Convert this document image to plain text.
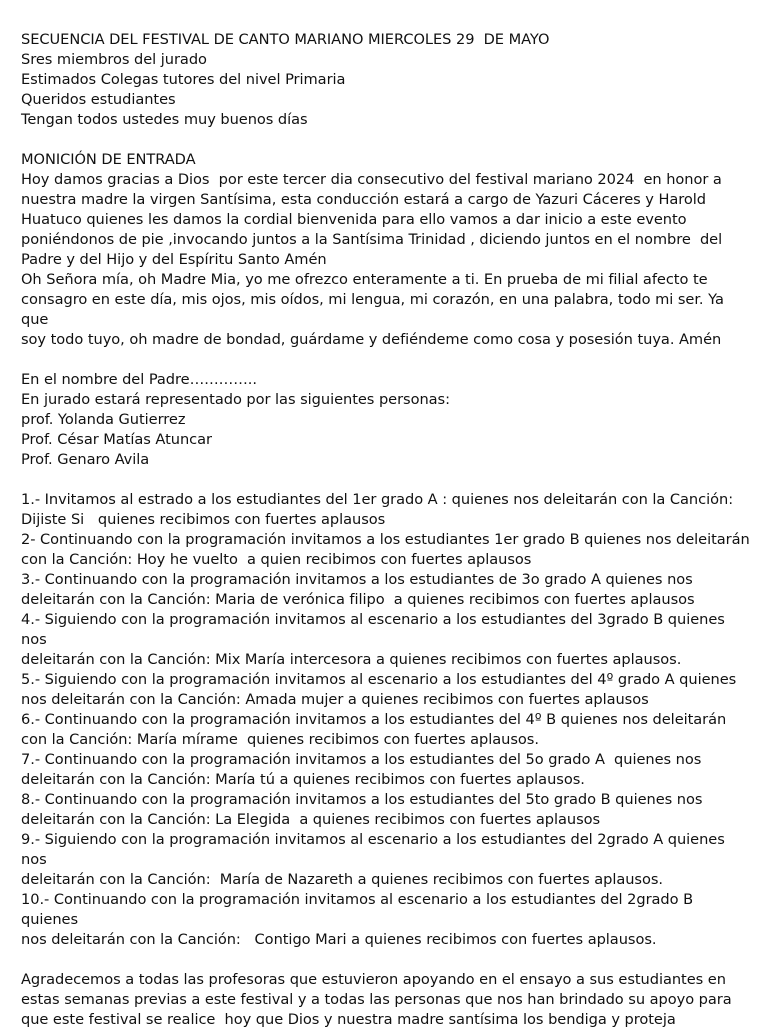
SECUENCIA DEL FESTIVAL DE CANTO MARIANO MIERCOLES 29  DE MAYO
Sres miembros del jurado
Estimados Colegas tutores del nivel Primaria
Queridos estudiantes
Tengan todos ustedes muy buenos días
MONICIÓN DE ENTRADA
Hoy damos gracias a Dios  por este tercer dia consecutivo del festival mariano 2024  en honor a
nuestra madre la virgen Santísima, esta conducción estará a cargo de Yazuri Cáceres y Harold
Huatuco quienes les damos la cordial bienvenida para ello vamos a dar inicio a este evento
poniéndonos de pie ,invocando juntos a la Santísima Trinidad , diciendo juntos en el nombre  del
Padre y del Hijo y del Espíritu Santo Amén
Oh Señora mía, oh Madre Mia, yo me ofrezco enteramente a ti. En prueba de mi filial afecto te
consagro en este día, mis ojos, mis oídos, mi lengua, mi corazón, en una palabra, todo mi ser. Ya que
soy todo tuyo, oh madre de bondad, guárdame y defiéndeme como cosa y posesión tuya. Amén
En el nombre del Padre…………..
En jurado estará representado por las siguientes personas:
prof. Yolanda Gutierrez
Prof. César Matías Atuncar
Prof. Genaro Avila
1.- Invitamos al estrado a los estudiantes del 1er grado A : quienes nos deleitarán con la Canción:
Dijiste Si   quienes recibimos con fuertes aplausos
2- Continuando con la programación invitamos a los estudiantes 1er grado B quienes nos deleitarán
con la Canción: Hoy he vuelto  a quien recibimos con fuertes aplausos
3.- Continuando con la programación invitamos a los estudiantes de 3o grado A quienes nos
deleitarán con la Canción: Maria de verónica filipo  a quienes recibimos con fuertes aplausos
4.- Siguiendo con la programación invitamos al escenario a los estudiantes del 3grado B quienes nos
deleitarán con la Canción: Mix María intercesora a quienes recibimos con fuertes aplausos.
5.- Siguiendo con la programación invitamos al escenario a los estudiantes del 4º grado A quienes
nos deleitarán con la Canción: Amada mujer a quienes recibimos con fuertes aplausos
6.- Continuando con la programación invitamos a los estudiantes del 4º B quienes nos deleitarán
con la Canción: María mírame  quienes recibimos con fuertes aplausos.
7.- Continuando con la programación invitamos a los estudiantes del 5o grado A  quienes nos
deleitarán con la Canción: María tú a quienes recibimos con fuertes aplausos.
8.- Continuando con la programación invitamos a los estudiantes del 5to grado B quienes nos
deleitarán con la Canción: La Elegida  a quienes recibimos con fuertes aplausos
9.- Siguiendo con la programación invitamos al escenario a los estudiantes del 2grado A quienes nos
deleitarán con la Canción:  María de Nazareth a quienes recibimos con fuertes aplausos.
10.- Continuando con la programación invitamos al escenario a los estudiantes del 2grado B quienes
nos deleitarán con la Canción:   Contigo Mari a quienes recibimos con fuertes aplausos.
Agradecemos a todas las profesoras que estuvieron apoyando en el ensayo a sus estudiantes en
estas semanas previas a este festival y a todas las personas que nos han brindado su apoyo para
que este festival se realice  hoy que Dios y nuestra madre santísima los bendiga y proteja
